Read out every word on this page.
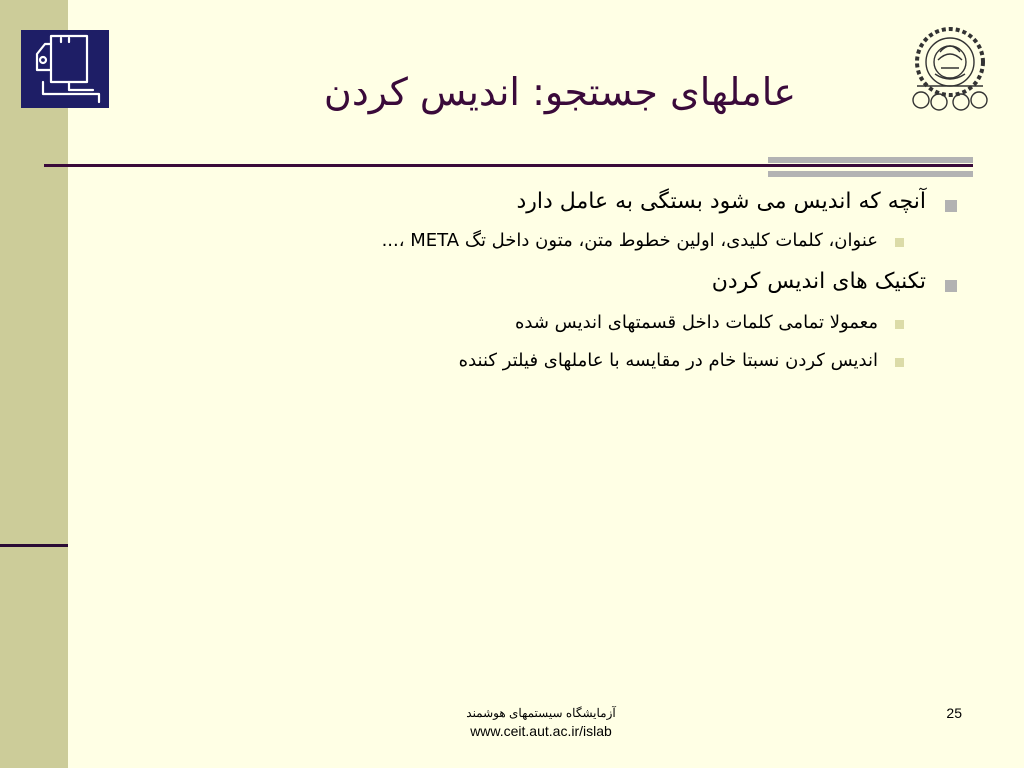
عاملهای جستجو: اندیس کردن
آنچه که اندیس می شود بستگی به عامل دارد
عنوان، کلمات کلیدی، اولین خطوط متن، متون داخل تگ META ،...
تکنیک های اندیس کردن
معمولا تمامی کلمات داخل قسمتهای اندیس شده
اندیس کردن نسبتا خام در مقایسه با عاملهای فیلتر کننده
آزمایشگاه سیستمهای هوشمند
www.ceit.aut.ac.ir/islab
25
